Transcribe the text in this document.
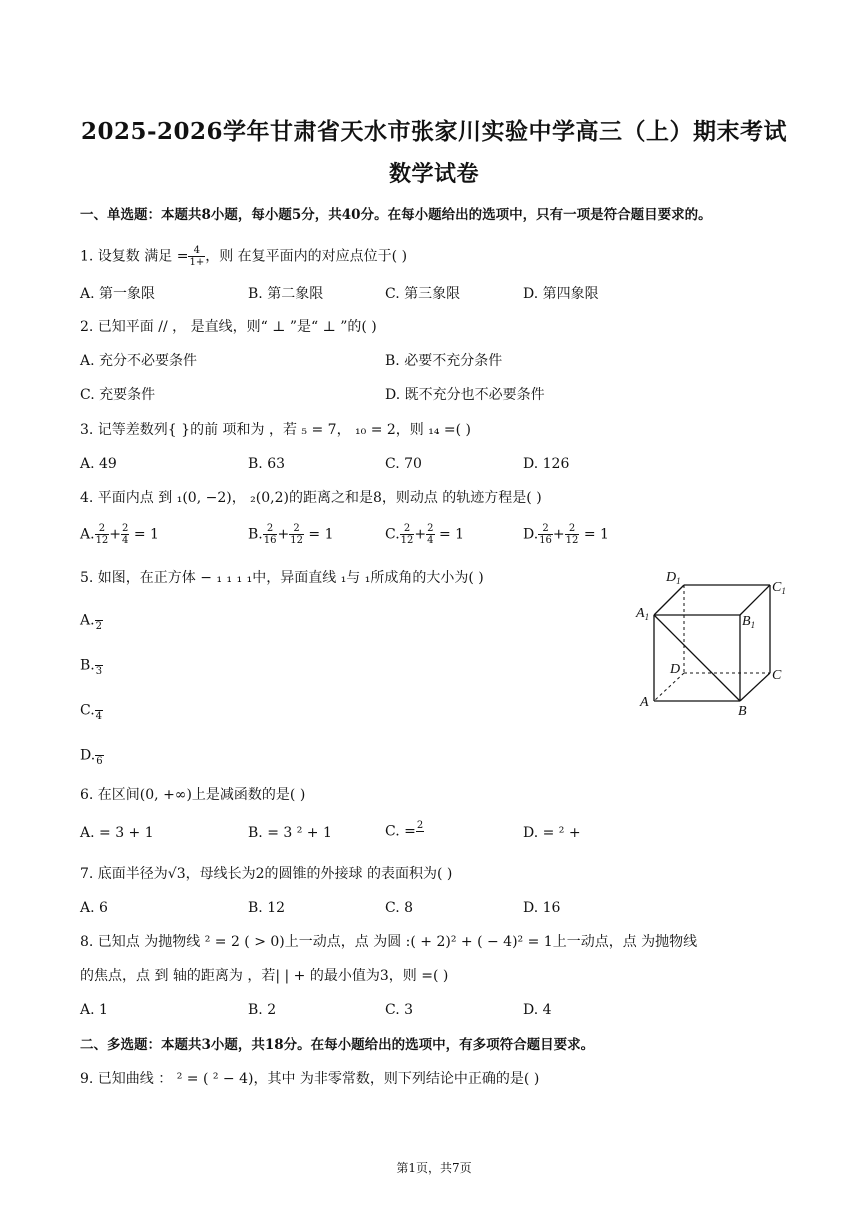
2025-2026学年甘肃省天水市张家川实验中学高三（上）期末考试
数学试卷
一、单选题：本题共8小题，每小题5分，共40分。在每小题给出的选项中，只有一项是符合题目要求的。
1. 设复数 满足 = $\frac{4}{1+}$ ，则 在复平面内的对应点位于( )
A. 第一象限	B. 第二象限	C. 第三象限	D. 第四象限
2. 已知平面 // ， 是直线，则“ ⊥ ”是“ ⊥ ”的( )
A. 充分不必要条件	B. 必要不充分条件
C. 充要条件	D. 既不充分也不必要条件
3. 记等差数列{ }的前 项和为 ，若 ₅ = 7， ₁₀ = 2，则 ₁₄ =( )
A. 49	B. 63	C. 70	D. 126
4. 平面内点 到 ₁(0, −2)， ₂(0,2)的距离之和是8，则动点 的轨迹方程是( )
A. $\frac{2}{12} + \frac{2}{4} = 1$	B. $\frac{2}{16} + \frac{2}{12} = 1$	C. $\frac{2}{12} + \frac{2}{4} = 1$	D. $\frac{2}{16} + \frac{2}{12} = 1$
5. 如图，在正方体 − ₁ ₁ ₁ ₁中，异面直线 ₁与 ₁所成角的大小为( )
A.
2
B.
3
C.
4
D.
6
$D_1$	$C_1$
$A_1$	$B_1$
D	C
A
B
6. 在区间(0, +∞)上是减函数的是( )
A. = 3 + 1	B. = 3 ² + 1	C. = 2
	D. = ² +
7. 底面半径为√3，母线长为2的圆锥的外接球 的表面积为( )
A. 6	B. 12	C. 8	D. 16
8. 已知点 为抛物线 ² = 2 ( > 0)上一动点，点 为圆 :( + 2)² + ( − 4)² = 1上一动点，点 为抛物线
的焦点，点 到 轴的距离为 ，若| | + 的最小值为3，则 =( )
A. 1	B. 2	C. 3	D. 4
二、多选题：本题共3小题，共18分。在每小题给出的选项中，有多项符合题目要求。
9. 已知曲线 ： ² = ( ² − 4)，其中 为非零常数，则下列结论中正确的是( )
第1页，共7页
